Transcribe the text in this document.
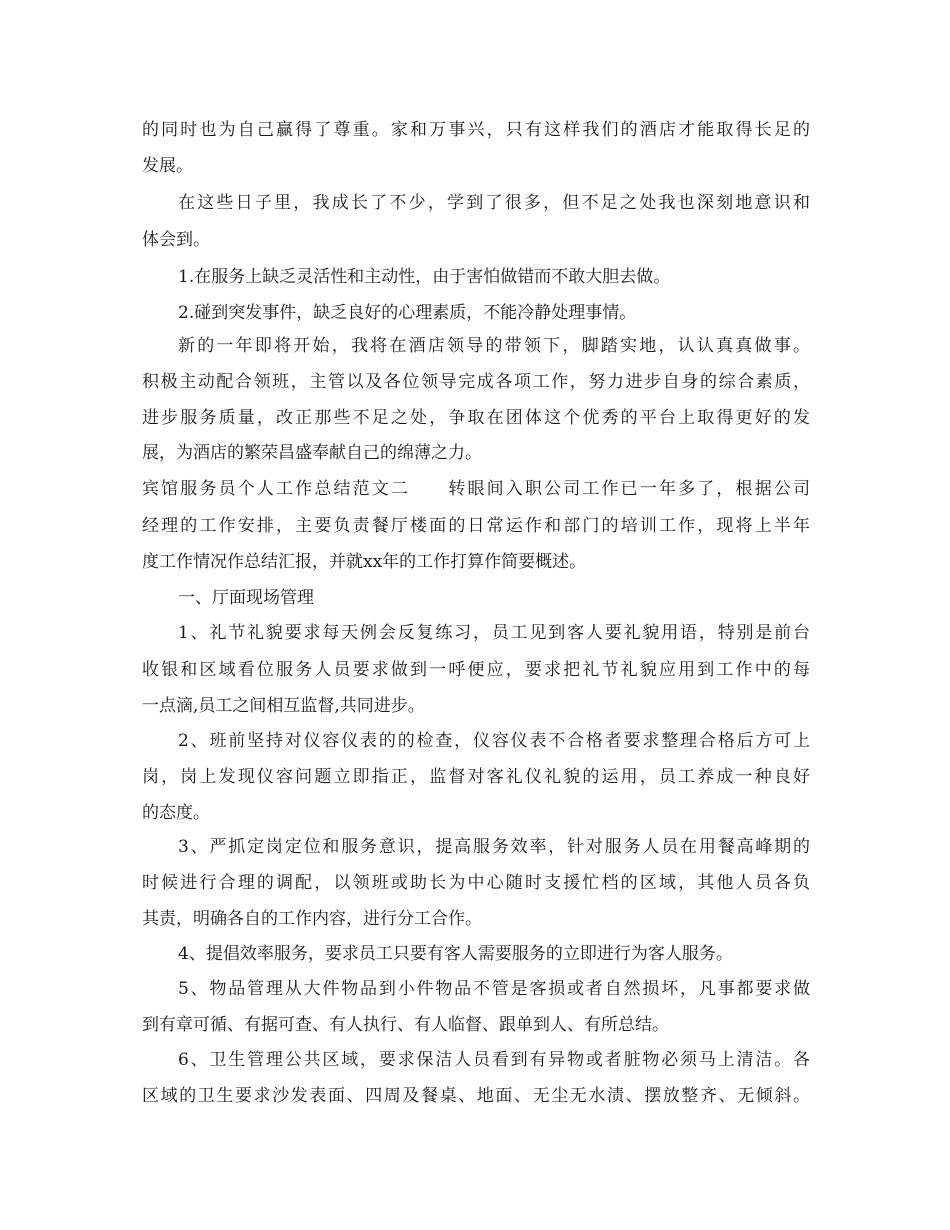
的同时也为自己赢得了尊重。家和万事兴，只有这样我们的酒店才能取得长足的
发展。
在这些日子里，我成长了不少，学到了很多，但不足之处我也深刻地意识和
体会到。
1.在服务上缺乏灵活性和主动性，由于害怕做错而不敢大胆去做。
2.碰到突发事件，缺乏良好的心理素质，不能冷静处理事情。
新的一年即将开始，我将在酒店领导的带领下，脚踏实地，认认真真做事。
积极主动配合领班，主管以及各位领导完成各项工作，努力进步自身的综合素质，
进步服务质量，改正那些不足之处，争取在团体这个优秀的平台上取得更好的发
展，为酒店的繁荣昌盛奉献自己的绵薄之力。
宾馆服务员个人工作总结范文二　　转眼间入职公司工作已一年多了，根据公司
经理的工作安排，主要负责餐厅楼面的日常运作和部门的培训工作，现将上半年
度工作情况作总结汇报，并就xx年的工作打算作简要概述。
一、厅面现场管理
1、礼节礼貌要求每天例会反复练习，员工见到客人要礼貌用语，特别是前台
收银和区域看位服务人员要求做到一呼便应，要求把礼节礼貌应用到工作中的每
一点滴,员工之间相互监督,共同进步。
2、班前坚持对仪容仪表的的检查，仪容仪表不合格者要求整理合格后方可上
岗，岗上发现仪容问题立即指正，监督对客礼仪礼貌的运用，员工养成一种良好
的态度。
3、严抓定岗定位和服务意识，提高服务效率，针对服务人员在用餐高峰期的
时候进行合理的调配，以领班或助长为中心随时支援忙档的区域，其他人员各负
其责，明确各自的工作内容，进行分工合作。
4、提倡效率服务，要求员工只要有客人需要服务的立即进行为客人服务。
5、物品管理从大件物品到小件物品不管是客损或者自然损坏，凡事都要求做
到有章可循、有据可查、有人执行、有人临督、跟单到人、有所总结。
6、卫生管理公共区域，要求保洁人员看到有异物或者脏物必须马上清洁。各
区域的卫生要求沙发表面、四周及餐桌、地面、无尘无水渍、摆放整齐、无倾斜。
